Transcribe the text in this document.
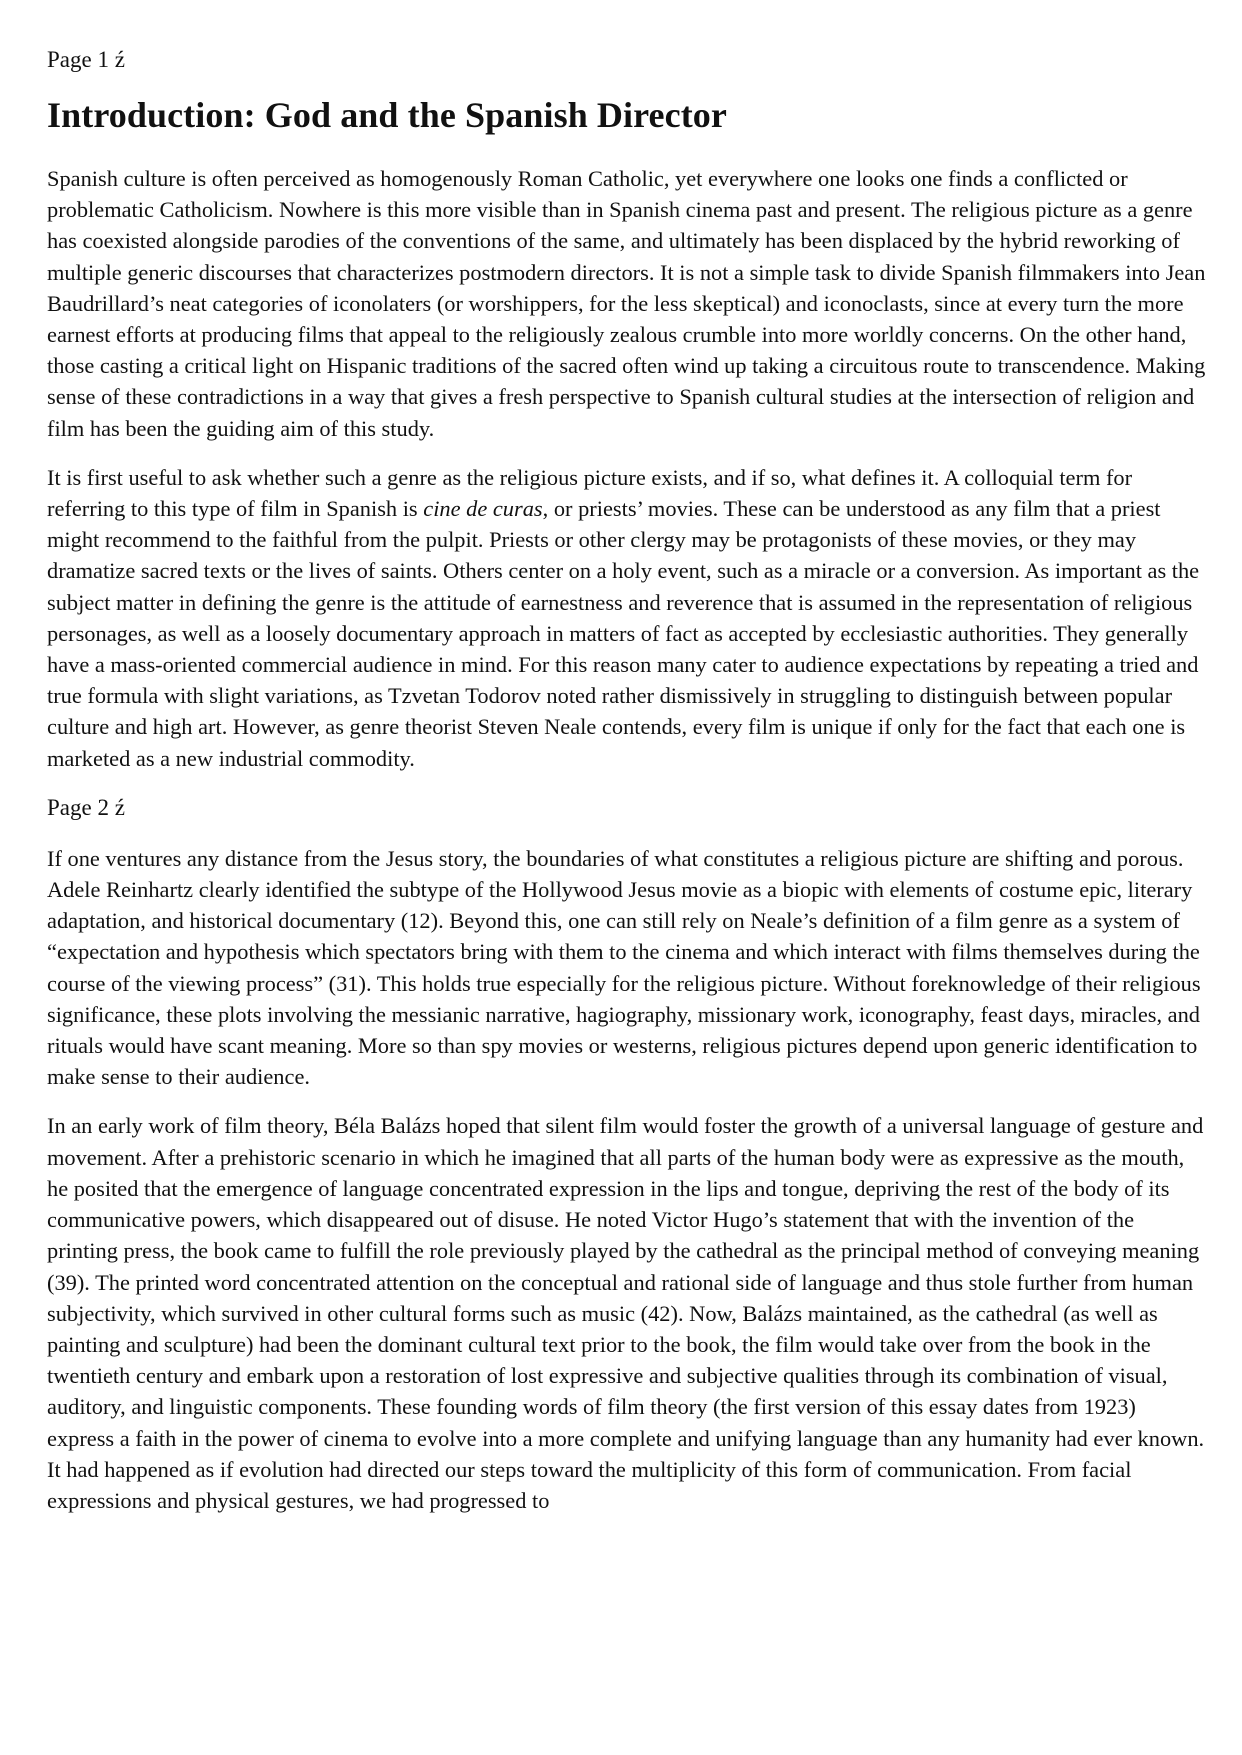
Page 1 ź
Introduction: God and the Spanish Director

Spanish culture is often perceived as homogenously Roman Catholic, yet everywhere one looks one finds a conflicted or problematic Catholicism. Nowhere is this more visible than in Spanish cinema past and present. The religious picture as a genre has coexisted alongside parodies of the conventions of the same, and ultimately has been displaced by the hybrid reworking of multiple generic discourses that characterizes postmodern directors. It is not a simple task to divide Spanish filmmakers into Jean Baudrillard’s neat categories of iconolaters (or worshippers, for the less skeptical) and iconoclasts, since at every turn the more earnest efforts at producing films that appeal to the religiously zealous crumble into more worldly concerns. On the other hand, those casting a critical light on Hispanic traditions of the sacred often wind up taking a circuitous route to transcendence. Making sense of these contradictions in a way that gives a fresh perspective to Spanish cultural studies at the intersection of religion and film has been the guiding aim of this study.

It is first useful to ask whether such a genre as the religious picture exists, and if so, what defines it. A colloquial term for referring to this type of film in Spanish is cine de curas, or priests’ movies. These can be understood as any film that a priest might recommend to the faithful from the pulpit. Priests or other clergy may be protagonists of these movies, or they may dramatize sacred texts or the lives of saints. Others center on a holy event, such as a miracle or a conversion. As important as the subject matter in defining the genre is the attitude of earnestness and reverence that is assumed in the representation of religious personages, as well as a loosely documentary approach in matters of fact as accepted by ecclesiastic authorities. They generally have a mass-oriented commercial audience in mind. For this reason many cater to audience expectations by repeating a tried and true formula with slight variations, as Tzvetan Todorov noted rather dismissively in struggling to distinguish between popular culture and high art. However, as genre theorist Steven Neale contends, every film is unique if only for the fact that each one is marketed as a new industrial commodity.

Page 2 ź

If one ventures any distance from the Jesus story, the boundaries of what constitutes a religious picture are shifting and porous. Adele Reinhartz clearly identified the subtype of the Hollywood Jesus movie as a biopic with elements of costume epic, literary adaptation, and historical documentary (12). Beyond this, one can still rely on Neale’s definition of a film genre as a system of “expectation and hypothesis which spectators bring with them to the cinema and which interact with films themselves during the course of the viewing process” (31). This holds true especially for the religious picture. Without foreknowledge of their religious significance, these plots involving the messianic narrative, hagiography, missionary work, iconography, feast days, miracles, and rituals would have scant meaning. More so than spy movies or westerns, religious pictures depend upon generic identification to make sense to their audience.

In an early work of film theory, Béla Balázs hoped that silent film would foster the growth of a universal language of gesture and movement. After a prehistoric scenario in which he imagined that all parts of the human body were as expressive as the mouth, he posited that the emergence of language concentrated expression in the lips and tongue, depriving the rest of the body of its communicative powers, which disappeared out of disuse. He noted Victor Hugo’s statement that with the invention of the printing press, the book came to fulfill the role previously played by the cathedral as the principal method of conveying meaning (39). The printed word concentrated attention on the conceptual and rational side of language and thus stole further from human subjectivity, which survived in other cultural forms such as music (42). Now, Balázs maintained, as the cathedral (as well as painting and sculpture) had been the dominant cultural text prior to the book, the film would take over from the book in the twentieth century and embark upon a restoration of lost expressive and subjective qualities through its combination of visual, auditory, and linguistic components. These founding words of film theory (the first version of this essay dates from 1923) express a faith in the power of cinema to evolve into a more complete and unifying language than any humanity had ever known. It had happened as if evolution had directed our steps toward the multiplicity of this form of communication. From facial expressions and physical gestures, we had progressed to
